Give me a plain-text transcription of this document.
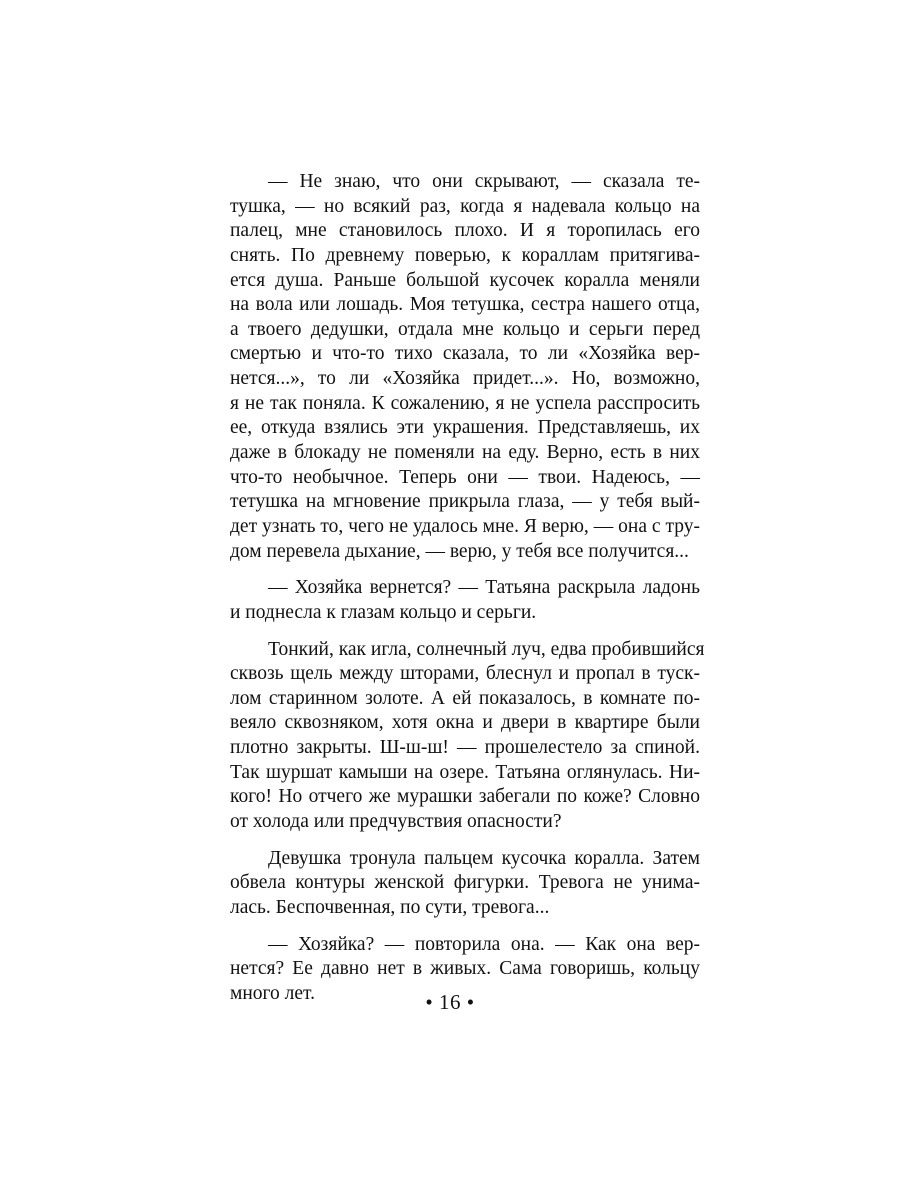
— Не знаю, что они скрывают, — сказала те-
тушка, — но всякий раз, когда я надевала кольцо на
палец, мне становилось плохо. И я торопилась его
снять. По древнему поверью, к кораллам притягива-
ется душа. Раньше большой кусочек коралла меняли
на вола или лошадь. Моя тетушка, сестра нашего отца,
а твоего дедушки, отдала мне кольцо и серьги перед
смертью и что-то тихо сказала, то ли «Хозяйка вер-
нется...», то ли «Хозяйка придет...». Но, возможно,
я не так поняла. К сожалению, я не успела расспросить
ее, откуда взялись эти украшения. Представляешь, их
даже в блокаду не поменяли на еду. Верно, есть в них
что-то необычное. Теперь они — твои. Надеюсь, —
тетушка на мгновение прикрыла глаза, — у тебя вый-
дет узнать то, чего не удалось мне. Я верю, — она с тру-
дом перевела дыхание, — верю, у тебя все получится...
— Хозяйка вернется? — Татьяна раскрыла ладонь
и поднесла к глазам кольцо и серьги.
Тонкий, как игла, солнечный луч, едва пробившийся
сквозь щель между шторами, блеснул и пропал в туск-
лом старинном золоте. А ей показалось, в комнате по-
веяло сквозняком, хотя окна и двери в квартире были
плотно закрыты. Ш-ш-ш! — прошелестело за спиной.
Так шуршат камыши на озере. Татьяна оглянулась. Ни-
кого! Но отчего же мурашки забегали по коже? Словно
от холода или предчувствия опасности?
Девушка тронула пальцем кусочка коралла. Затем
обвела контуры женской фигурки. Тревога не унима-
лась. Беспочвенная, по сути, тревога...
— Хозяйка? — повторила она. — Как она вер-
нется? Ее давно нет в живых. Сама говоришь, кольцу
много лет.	• 16 •
